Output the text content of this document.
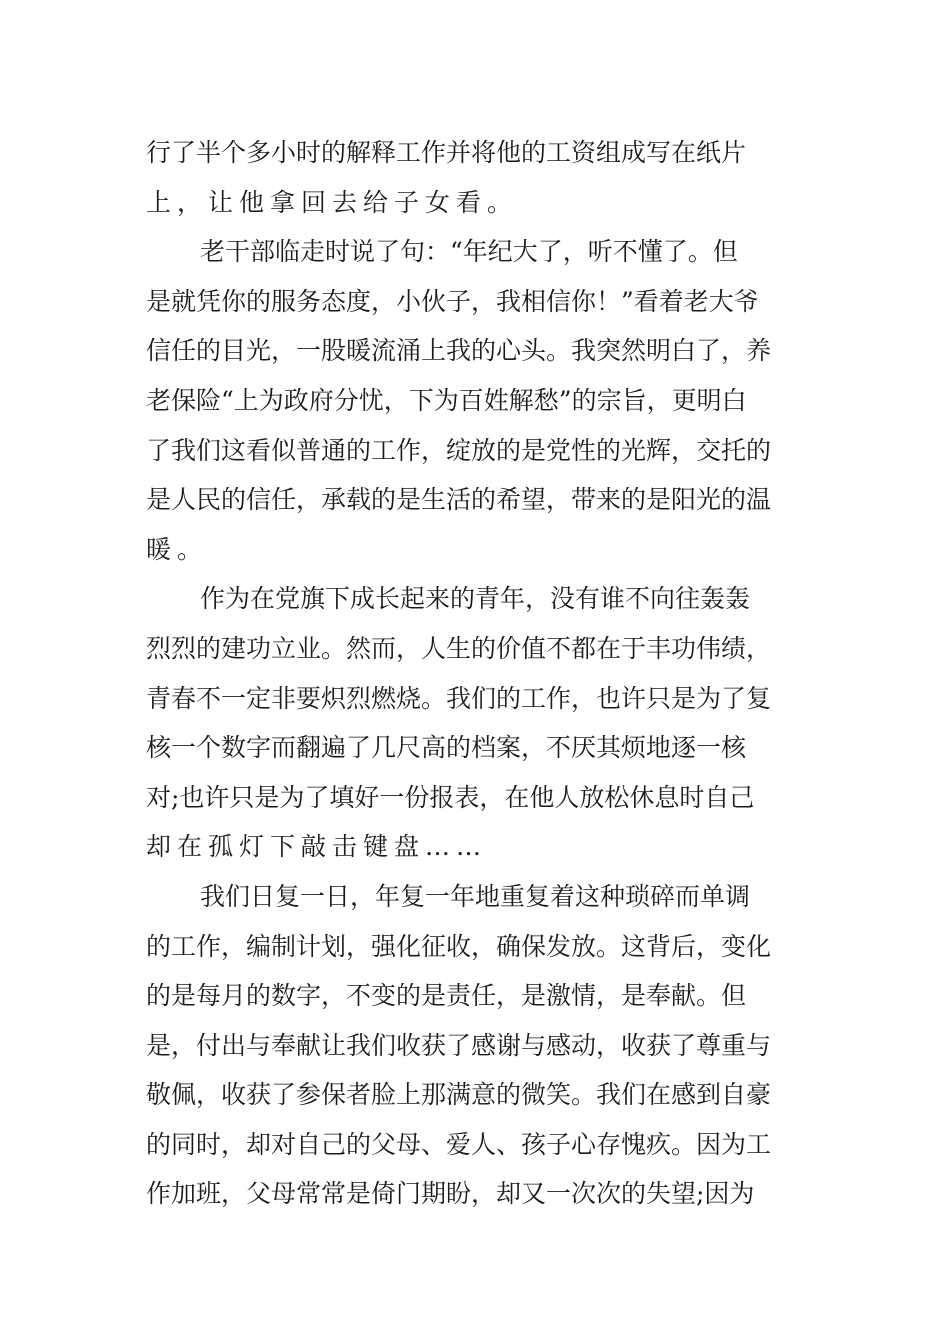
行了半个多小时的解释工作并将他的工资组成写在纸片
上，让他拿回去给子女看。
老干部临走时说了句：“年纪大了，听不懂了。但
是就凭你的服务态度，小伙子，我相信你！”看着老大爷
信任的目光，一股暖流涌上我的心头。我突然明白了，养
老保险“上为政府分忧，下为百姓解愁”的宗旨，更明白
了我们这看似普通的工作，绽放的是党性的光辉，交托的
是人民的信任，承载的是生活的希望，带来的是阳光的温
暖。
作为在党旗下成长起来的青年，没有谁不向往轰轰
烈烈的建功立业。然而，人生的价值不都在于丰功伟绩，
青春不一定非要炽烈燃烧。我们的工作，也许只是为了复
核一个数字而翻遍了几尺高的档案，不厌其烦地逐一核
对;也许只是为了填好一份报表，在他人放松休息时自己
却在孤灯下敲击键盘……
我们日复一日，年复一年地重复着这种琐碎而单调
的工作，编制计划，强化征收，确保发放。这背后，变化
的是每月的数字，不变的是责任，是激情，是奉献。但
是，付出与奉献让我们收获了感谢与感动，收获了尊重与
敬佩，收获了参保者脸上那满意的微笑。我们在感到自豪
的同时，却对自己的父母、爱人、孩子心存愧疚。因为工
作加班，父母常常是倚门期盼，却又一次次的失望;因为
